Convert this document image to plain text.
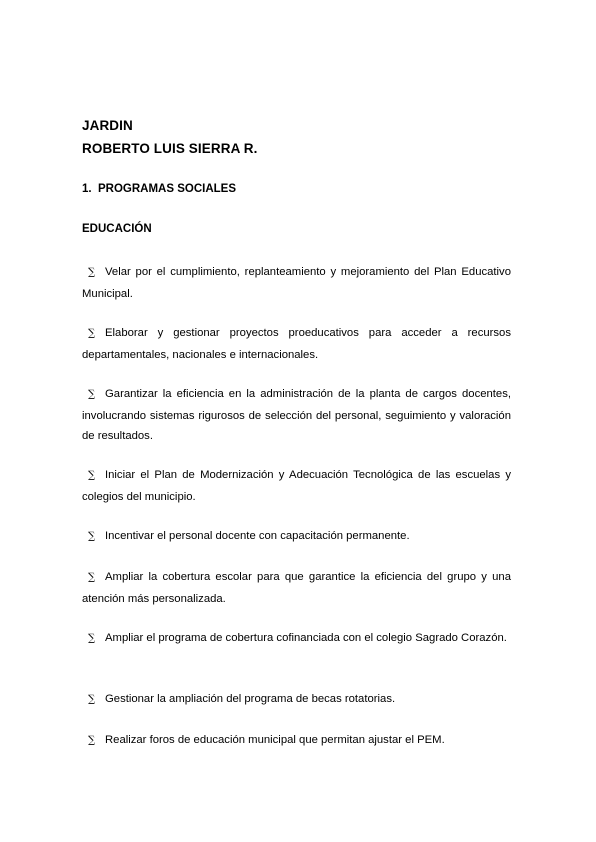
JARDIN
ROBERTO LUIS SIERRA R.
1. PROGRAMAS SOCIALES
EDUCACIÓN
∑ Velar por el cumplimiento, replanteamiento y mejoramiento del Plan Educativo Municipal.
∑ Elaborar y gestionar proyectos proeducativos para acceder a recursos departamentales, nacionales e internacionales.
∑ Garantizar la eficiencia en la administración de la planta de cargos docentes, involucrando sistemas rigurosos de selección del personal, seguimiento y valoración de resultados.
∑ Iniciar el Plan de Modernización y Adecuación Tecnológica de las escuelas y colegios del municipio.
∑ Incentivar el personal docente con capacitación permanente.
∑ Ampliar la cobertura escolar para que garantice la eficiencia del grupo y una atención más personalizada.
∑ Ampliar el programa de cobertura cofinanciada con el colegio Sagrado Corazón.
∑ Gestionar la ampliación del programa de becas rotatorias.
∑ Realizar foros de educación municipal que permitan ajustar el PEM.
